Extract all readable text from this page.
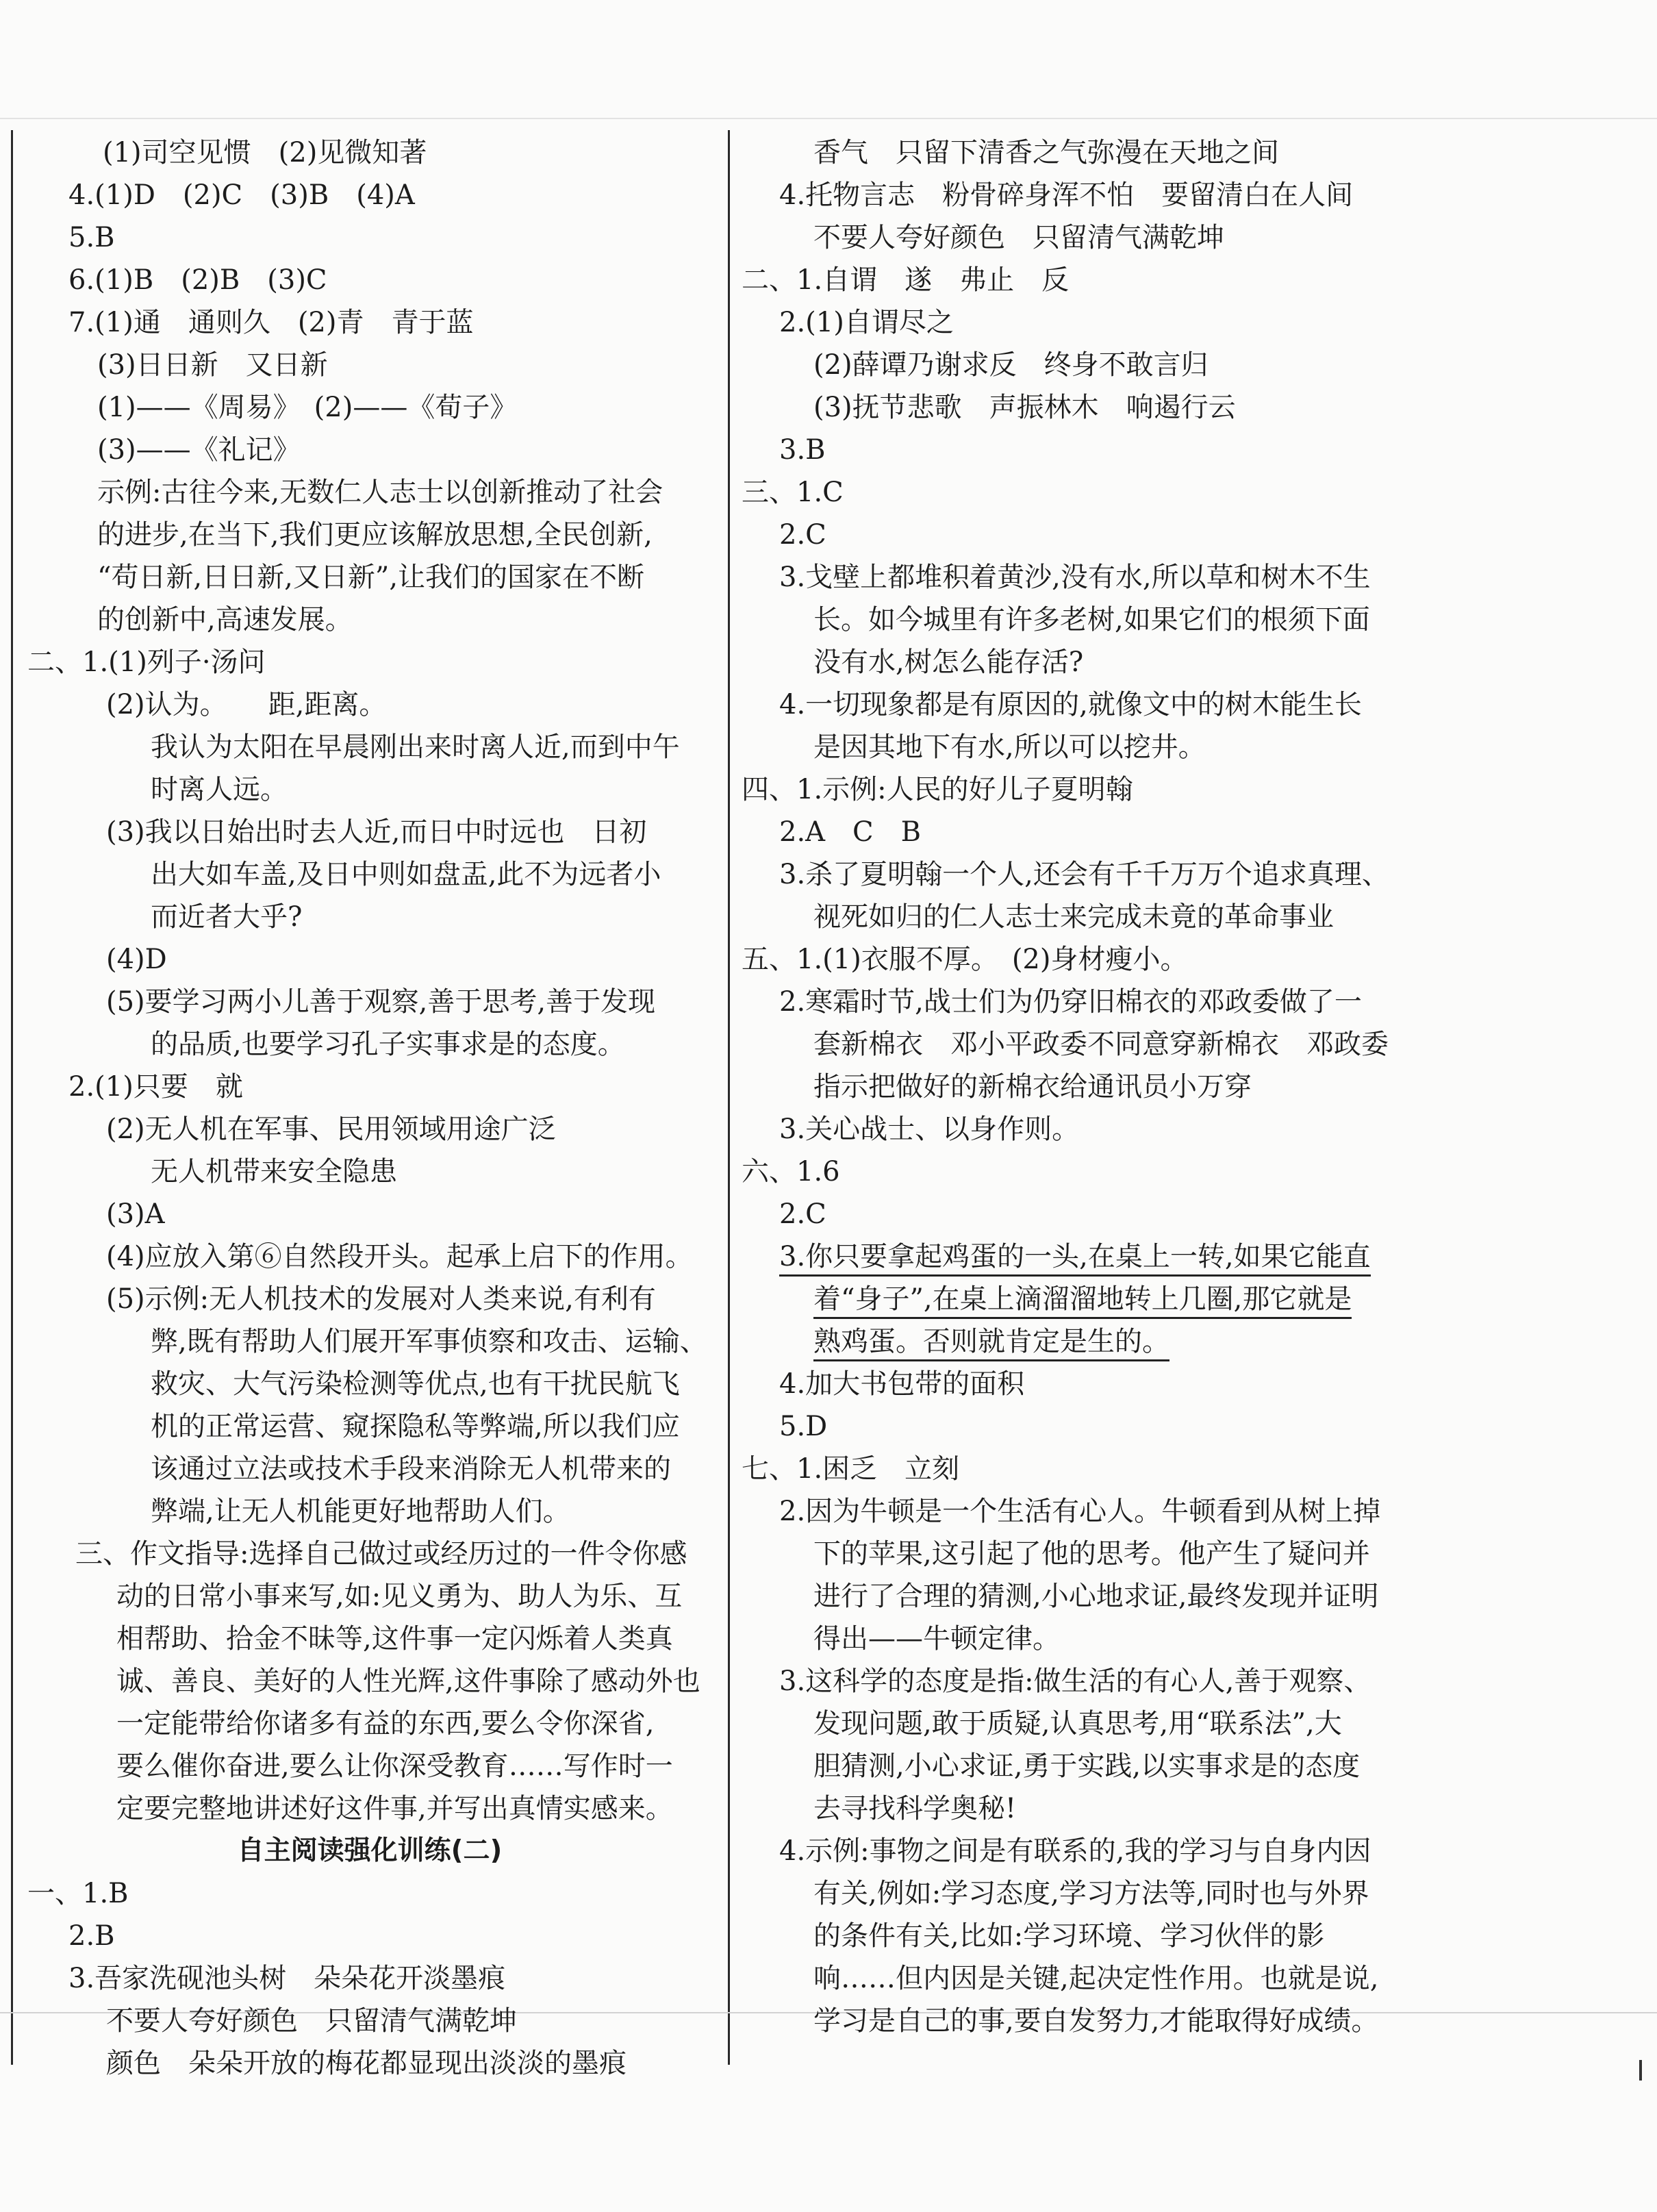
(1)司空见惯　(2)见微知著
4.(1)D　(2)C　(3)B　(4)A
5.B
6.(1)B　(2)B　(3)C
7.(1)通　通则久　(2)青　青于蓝
(3)日日新　又日新
(1)——《周易》　(2)——《荀子》
(3)——《礼记》
示例:古往今来,无数仁人志士以创新推动了社会
的进步,在当下,我们更应该解放思想,全民创新,
“苟日新,日日新,又日新”,让我们的国家在不断
的创新中,高速发展。
二、1.(1)列子·汤问
(2)认为。　　距,距离。
我认为太阳在早晨刚出来时离人近,而到中午
时离人远。
(3)我以日始出时去人近,而日中时远也　日初
出大如车盖,及日中则如盘盂,此不为远者小
而近者大乎?
(4)D
(5)要学习两小儿善于观察,善于思考,善于发现
的品质,也要学习孔子实事求是的态度。
2.(1)只要　就
(2)无人机在军事、民用领域用途广泛
无人机带来安全隐患
(3)A
(4)应放入第⑥自然段开头。起承上启下的作用。
(5)示例:无人机技术的发展对人类来说,有利有
弊,既有帮助人们展开军事侦察和攻击、运输、
救灾、大气污染检测等优点,也有干扰民航飞
机的正常运营、窥探隐私等弊端,所以我们应
该通过立法或技术手段来消除无人机带来的
弊端,让无人机能更好地帮助人们。
三、作文指导:选择自己做过或经历过的一件令你感
动的日常小事来写,如:见义勇为、助人为乐、互
相帮助、拾金不昧等,这件事一定闪烁着人类真
诚、善良、美好的人性光辉,这件事除了感动外也
一定能带给你诸多有益的东西,要么令你深省,
要么催你奋进,要么让你深受教育……写作时一
定要完整地讲述好这件事,并写出真情实感来。
自主阅读强化训练(二)
一、1.B
2.B
3.吾家洗砚池头树　朵朵花开淡墨痕
不要人夸好颜色　只留清气满乾坤
颜色　朵朵开放的梅花都显现出淡淡的墨痕
香气　只留下清香之气弥漫在天地之间
4.托物言志　粉骨碎身浑不怕　要留清白在人间
不要人夸好颜色　只留清气满乾坤
二、1.自谓　遂　弗止　反
2.(1)自谓尽之
(2)薛谭乃谢求反　终身不敢言归
(3)抚节悲歌　声振林木　响遏行云
3.B
三、1.C
2.C
3.戈壁上都堆积着黄沙,没有水,所以草和树木不生
长。如今城里有许多老树,如果它们的根须下面
没有水,树怎么能存活?
4.一切现象都是有原因的,就像文中的树木能生长
是因其地下有水,所以可以挖井。
四、1.示例:人民的好儿子夏明翰
2.A　C　B
3.杀了夏明翰一个人,还会有千千万万个追求真理、
视死如归的仁人志士来完成未竟的革命事业
五、1.(1)衣服不厚。　(2)身材瘦小。
2.寒霜时节,战士们为仍穿旧棉衣的邓政委做了一
套新棉衣　邓小平政委不同意穿新棉衣　邓政委
指示把做好的新棉衣给通讯员小万穿
3.关心战士、以身作则。
六、1.6
2.C
3.你只要拿起鸡蛋的一头,在桌上一转,如果它能直
着“身子”,在桌上滴溜溜地转上几圈,那它就是
熟鸡蛋。否则就肯定是生的。
4.加大书包带的面积
5.D
七、1.困乏　立刻
2.因为牛顿是一个生活有心人。牛顿看到从树上掉
下的苹果,这引起了他的思考。他产生了疑问并
进行了合理的猜测,小心地求证,最终发现并证明
得出——牛顿定律。
3.这科学的态度是指:做生活的有心人,善于观察、
发现问题,敢于质疑,认真思考,用“联系法”,大
胆猜测,小心求证,勇于实践,以实事求是的态度
去寻找科学奥秘!
4.示例:事物之间是有联系的,我的学习与自身内因
有关,例如:学习态度,学习方法等,同时也与外界
的条件有关,比如:学习环境、学习伙伴的影
响……但内因是关键,起决定性作用。也就是说,
学习是自己的事,要自发努力,才能取得好成绩。
